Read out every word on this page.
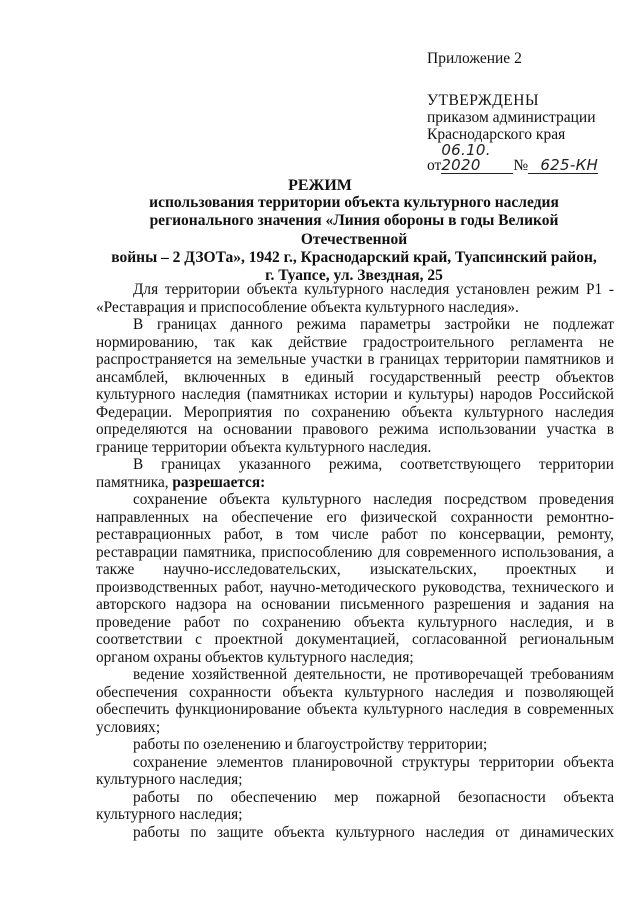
Приложение 2
УТВЕРЖДЕНЫ
приказом администрации
Краснодарского края
от06.10. 2020 № 625-КН
РЕЖИМ
использования территории объекта культурного наследия
регионального значения «Линия обороны в годы Великой Отечественной
войны – 2 ДЗОТа», 1942 г., Краснодарский край, Туапсинский район,
г. Туапсе, ул. Звездная, 25

Для территории объекта культурного наследия установлен режим Р1 - «Реставрация и приспособление объекта культурного наследия».

В границах данного режима параметры застройки не подлежат нормированию, так как действие градостроительного регламента не распространяется на земельные участки в границах территории памятников и ансамблей, включенных в единый государственный реестр объектов культурного наследия (памятниках истории и культуры) народов Российской Федерации. Мероприятия по сохранению объекта культурного наследия определяются на основании правового режима использовании участка в границе территории объекта культурного наследия.

В границах указанного режима, соответствующего территории памятника, разрешается:

сохранение объекта культурного наследия посредством проведения направленных на обеспечение его физической сохранности ремонтно-реставрационных работ, в том числе работ по консервации, ремонту, реставрации памятника, приспособлению для современного использования, а также научно-исследовательских, изыскательских, проектных и производственных работ, научно-методического руководства, технического и авторского надзора на основании письменного разрешения и задания на проведение работ по сохранению объекта культурного наследия, и в соответствии с проектной документацией, согласованной региональным органом охраны объектов культурного наследия;

ведение хозяйственной деятельности, не противоречащей требованиям обеспечения сохранности объекта культурного наследия и позволяющей обеспечить функционирование объекта культурного наследия в современных условиях;

работы по озеленению и благоустройству территории;

сохранение элементов планировочной структуры территории объекта культурного наследия;

работы по обеспечению мер пожарной безопасности объекта культурного наследия;

работы по защите объекта культурного наследия от динамических
